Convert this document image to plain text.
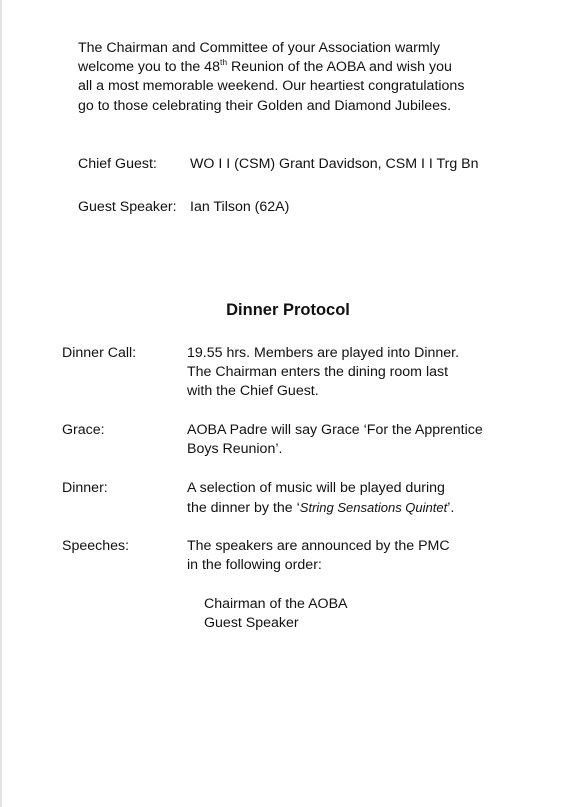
The Chairman and Committee of your Association warmly
welcome you to the 48th Reunion of the AOBA and wish you
all a most memorable weekend. Our heartiest congratulations
go to those celebrating their Golden and Diamond Jubilees.
Chief Guest: WO I I (CSM) Grant Davidson, CSM I I Trg Bn
Guest Speaker: Ian Tilson (62A)
Dinner Protocol
Dinner Call:	19.55 hrs. Members are played into Dinner.
The Chairman enters the dining room last
with the Chief Guest.
Grace:	AOBA Padre will say Grace ‘For the Apprentice
Boys Reunion’.
Dinner:	A selection of music will be played during
the dinner by the ‘String Sensations Quintet’.
Speeches:	The speakers are announced by the PMC
in the following order:
Chairman of the AOBA
Guest Speaker
